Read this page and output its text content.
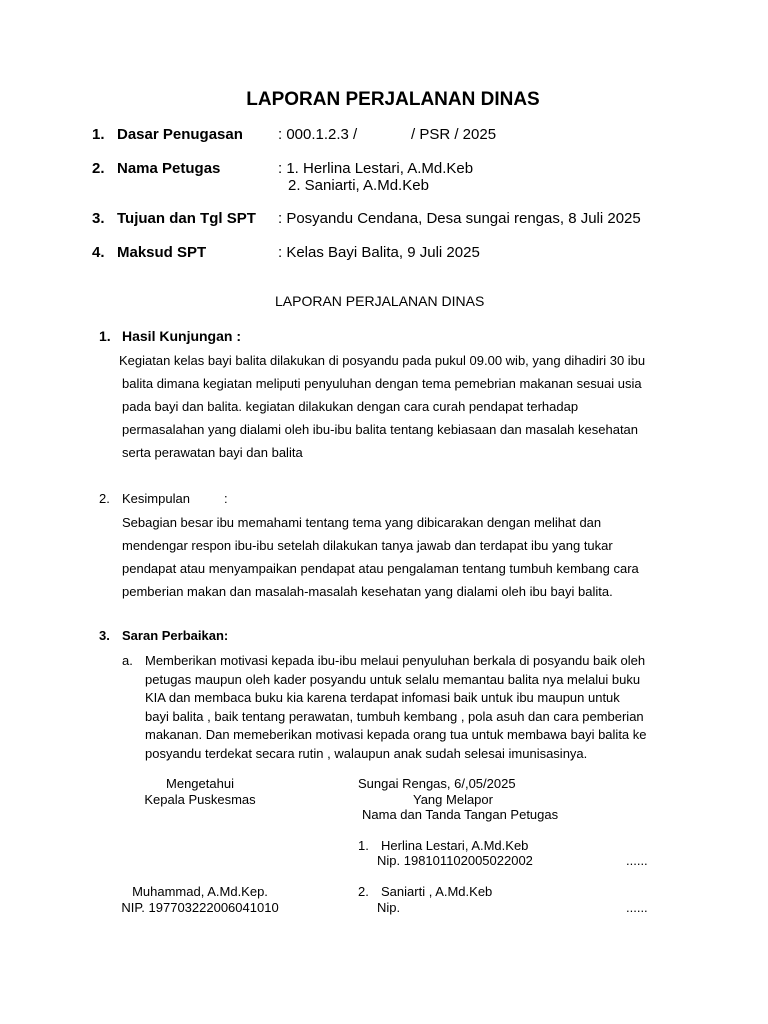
LAPORAN PERJALANAN DINAS
1. Dasar Penugasan : 000.1.2.3 /	/ PSR / 2025
2. Nama Petugas	: 1. Herlina Lestari, A.Md.Keb
2. Saniarti, A.Md.Keb
3. Tujuan dan Tgl SPT : Posyandu Cendana, Desa sungai rengas, 8 Juli 2025
4. Maksud SPT	: Kelas Bayi Balita, 9 Juli 2025
LAPORAN PERJALANAN DINAS
1. Hasil Kunjungan :
Kegiatan kelas bayi balita dilakukan di posyandu pada pukul 09.00 wib, yang dihadiri 30 ibu
balita dimana kegiatan meliputi penyuluhan dengan tema pemebrian makanan sesuai usia
pada bayi dan balita. kegiatan dilakukan dengan cara curah pendapat terhadap
permasalahan yang dialami oleh ibu-ibu balita tentang kebiasaan dan masalah kesehatan
serta perawatan bayi dan balita
2. Kesimpulan	:
Sebagian besar ibu memahami tentang tema yang dibicarakan dengan melihat dan
mendengar respon ibu-ibu setelah dilakukan tanya jawab dan terdapat ibu yang tukar
pendapat atau menyampaikan pendapat atau pengalaman tentang tumbuh kembang cara
pemberian makan dan masalah-masalah kesehatan yang dialami oleh ibu bayi balita.
3. Saran Perbaikan:
a. Memberikan motivasi kepada ibu-ibu melaui penyuluhan berkala di posyandu baik oleh
petugas maupun oleh kader posyandu untuk selalu memantau balita nya melalui buku
KIA dan membaca buku kia karena terdapat infomasi baik untuk ibu maupun untuk
bayi balita , baik tentang perawatan, tumbuh kembang , pola asuh dan cara pemberian
makanan. Dan memeberikan motivasi kepada orang tua untuk membawa bayi balita ke
posyandu terdekat secara rutin , walaupun anak sudah selesai imunisasinya.
Mengetahui
Kepala Puskesmas
Muhammad, A.Md.Kep.
NIP. 197703222006041010
Sungai Rengas, 6/,05/2025
Yang Melapor
Nama dan Tanda Tangan Petugas
1. Herlina Lestari, A.Md.Keb
Nip. 198101102005022002	......
2. Saniarti , A.Md.Keb
Nip.	......
